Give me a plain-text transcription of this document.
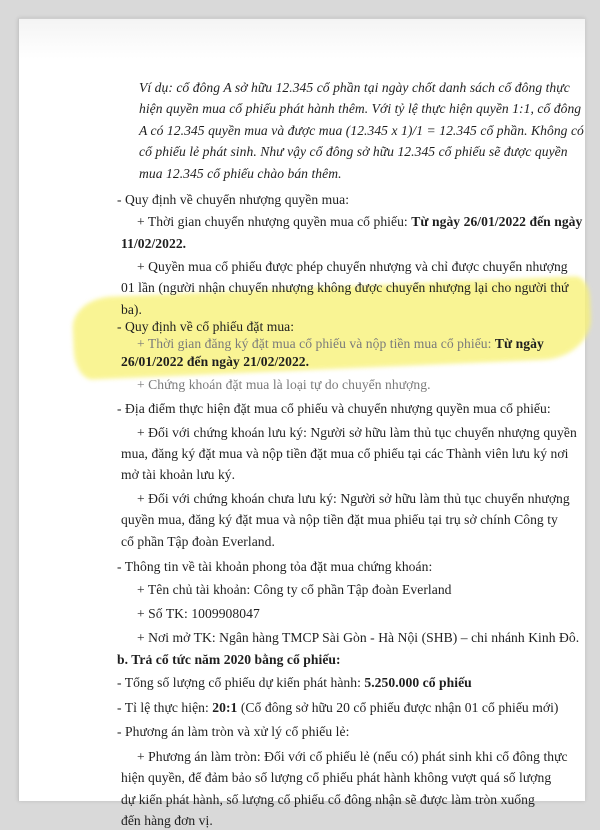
Ví dụ: cổ đông A sở hữu 12.345 cổ phần tại ngày chốt danh sách cổ đông thực
hiện quyền mua cổ phiếu phát hành thêm. Với tỷ lệ thực hiện quyền 1:1, cổ đông
A có 12.345 quyền mua và được mua (12.345 x 1)/1 = 12.345 cổ phần. Không có
cổ phiếu lẻ phát sinh. Như vậy cổ đông sở hữu 12.345 cổ phiếu sẽ được quyền
mua 12.345 cổ phiếu chào bán thêm.
- Quy định về chuyển nhượng quyền mua:
+ Thời gian chuyển nhượng quyền mua cổ phiếu: Từ ngày 26/01/2022 đến ngày
11/02/2022.
+ Quyền mua cổ phiếu được phép chuyển nhượng và chỉ được chuyển nhượng
01 lần (người nhận chuyển nhượng không được chuyển nhượng lại cho người thứ
ba).
- Quy định về cổ phiếu đặt mua:
+ Thời gian đăng ký đặt mua cổ phiếu và nộp tiền mua cổ phiếu: Từ ngày
26/01/2022 đến ngày 21/02/2022.
+ Chứng khoán đặt mua là loại tự do chuyển nhượng.
- Địa điểm thực hiện đặt mua cổ phiếu và chuyển nhượng quyền mua cổ phiếu:
+ Đối với chứng khoán lưu ký: Người sở hữu làm thủ tục chuyển nhượng quyền
mua, đăng ký đặt mua và nộp tiền đặt mua cổ phiếu tại các Thành viên lưu ký nơi
mở tài khoản lưu ký.
+ Đối với chứng khoán chưa lưu ký: Người sở hữu làm thủ tục chuyển nhượng
quyền mua, đăng ký đặt mua và nộp tiền đặt mua phiếu tại trụ sở chính Công ty
cổ phần Tập đoàn Everland.
- Thông tin về tài khoản phong tỏa đặt mua chứng khoán:
+ Tên chủ tài khoản: Công ty cổ phần Tập đoàn Everland
+ Số TK: 1009908047
+ Nơi mở TK: Ngân hàng TMCP Sài Gòn - Hà Nội (SHB) – chi nhánh Kinh Đô.
b. Trả cổ tức năm 2020 bằng cổ phiếu:
- Tổng số lượng cổ phiếu dự kiến phát hành: 5.250.000 cổ phiếu
- Tỉ lệ thực hiện: 20:1 (Cổ đông sở hữu 20 cổ phiếu được nhận 01 cổ phiếu mới)
- Phương án làm tròn và xử lý cổ phiếu lẻ:
+ Phương án làm tròn: Đối với cổ phiếu lẻ (nếu có) phát sinh khi cổ đông thực
hiện quyền, để đảm bảo số lượng cổ phiếu phát hành không vượt quá số lượng
dự kiến phát hành, số lượng cổ phiếu cổ đông nhận sẽ được làm tròn xuống
đến hàng đơn vị.
